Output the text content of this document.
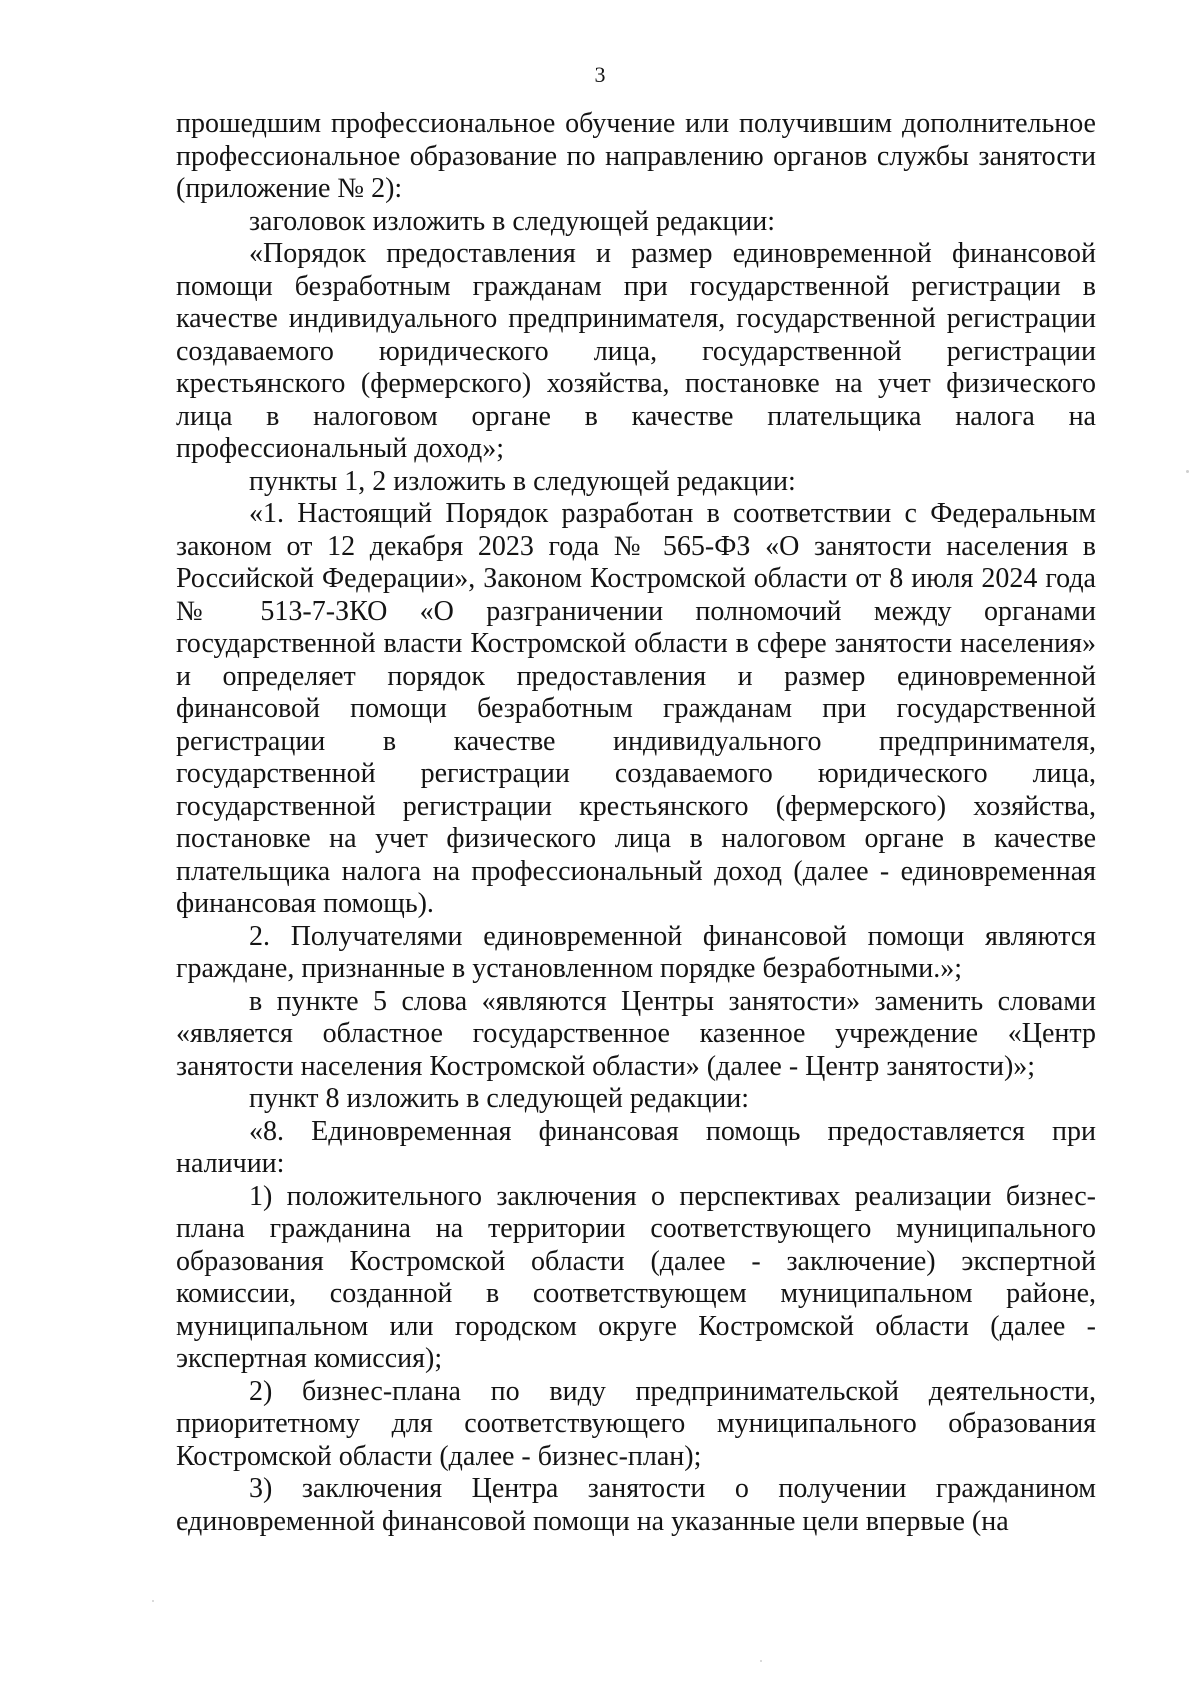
3

прошедшим профессиональное обучение или получившим дополнительное профессиональное образование по направлению органов службы занятости (приложение № 2):

заголовок изложить в следующей редакции:

«Порядок предоставления и размер единовременной финансовой помощи безработным гражданам при государственной регистрации в качестве индивидуального предпринимателя, государственной регистрации создаваемого юридического лица, государственной регистрации крестьянского (фермерского) хозяйства, постановке на учет физического лица в налоговом органе в качестве плательщика налога на профессиональный доход»;

пункты 1, 2 изложить в следующей редакции:

«1. Настоящий Порядок разработан в соответствии с Федеральным законом от 12 декабря 2023 года № 565-ФЗ «О занятости населения в Российской Федерации», Законом Костромской области от 8 июля 2024 года № 513-7-ЗКО «О разграничении полномочий между органами государственной власти Костромской области в сфере занятости населения» и определяет порядок предоставления и размер единовременной финансовой помощи безработным гражданам при государственной регистрации в качестве индивидуального предпринимателя, государственной регистрации создаваемого юридического лица, государственной регистрации крестьянского (фермерского) хозяйства, постановке на учет физического лица в налоговом органе в качестве плательщика налога на профессиональный доход (далее - единовременная финансовая помощь).

2. Получателями единовременной финансовой помощи являются граждане, признанные в установленном порядке безработными.»;

в пункте 5 слова «являются Центры занятости» заменить словами «является областное государственное казенное учреждение «Центр занятости населения Костромской области» (далее - Центр занятости)»;

пункт 8 изложить в следующей редакции:

«8. Единовременная финансовая помощь предоставляется при наличии:

1) положительного заключения о перспективах реализации бизнес-плана гражданина на территории соответствующего муниципального образования Костромской области (далее - заключение) экспертной комиссии, созданной в соответствующем муниципальном районе, муниципальном или городском округе Костромской области (далее - экспертная комиссия);

2) бизнес-плана по виду предпринимательской деятельности, приоритетному для соответствующего муниципального образования Костромской области (далее - бизнес-план);

3) заключения Центра занятости о получении гражданином единовременной финансовой помощи на указанные цели впервые (на
